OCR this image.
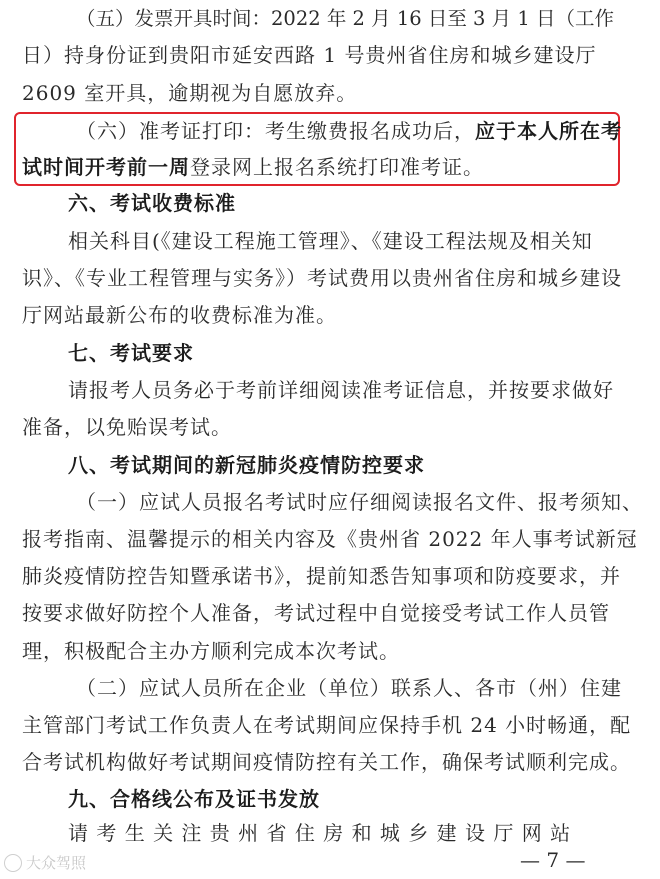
（五）发票开具时间：2022 年 2 月 16 日至 3 月 1 日（工作
日）持身份证到贵阳市延安西路 1 号贵州省住房和城乡建设厅
2609 室开具，逾期视为自愿放弃。
（六）准考证打印：考生缴费报名成功后，应于本人所在考
试时间开考前一周登录网上报名系统打印准考证。
六、考试收费标准
相关科目(《建设工程施工管理》、《建设工程法规及相关知
识》、《专业工程管理与实务》）考试费用以贵州省住房和城乡建设
厅网站最新公布的收费标准为准。
七、考试要求
请报考人员务必于考前详细阅读准考证信息，并按要求做好
准备，以免贻误考试。
八、考试期间的新冠肺炎疫情防控要求
（一）应试人员报名考试时应仔细阅读报名文件、报考须知、
报考指南、温馨提示的相关内容及《贵州省 2022 年人事考试新冠
肺炎疫情防控告知暨承诺书》，提前知悉告知事项和防疫要求，并
按要求做好防控个人准备，考试过程中自觉接受考试工作人员管
理，积极配合主办方顺利完成本次考试。
（二）应试人员所在企业（单位）联系人、各市（州）住建
主管部门考试工作负责人在考试期间应保持手机 24 小时畅通，配
合考试机构做好考试期间疫情防控有关工作，确保考试顺利完成。
九、合格线公布及证书发放
请 考 生 关 注 贵 州 省 住 房 和 城 乡 建 设 厅 网 站
— 7 —
大众驾照
